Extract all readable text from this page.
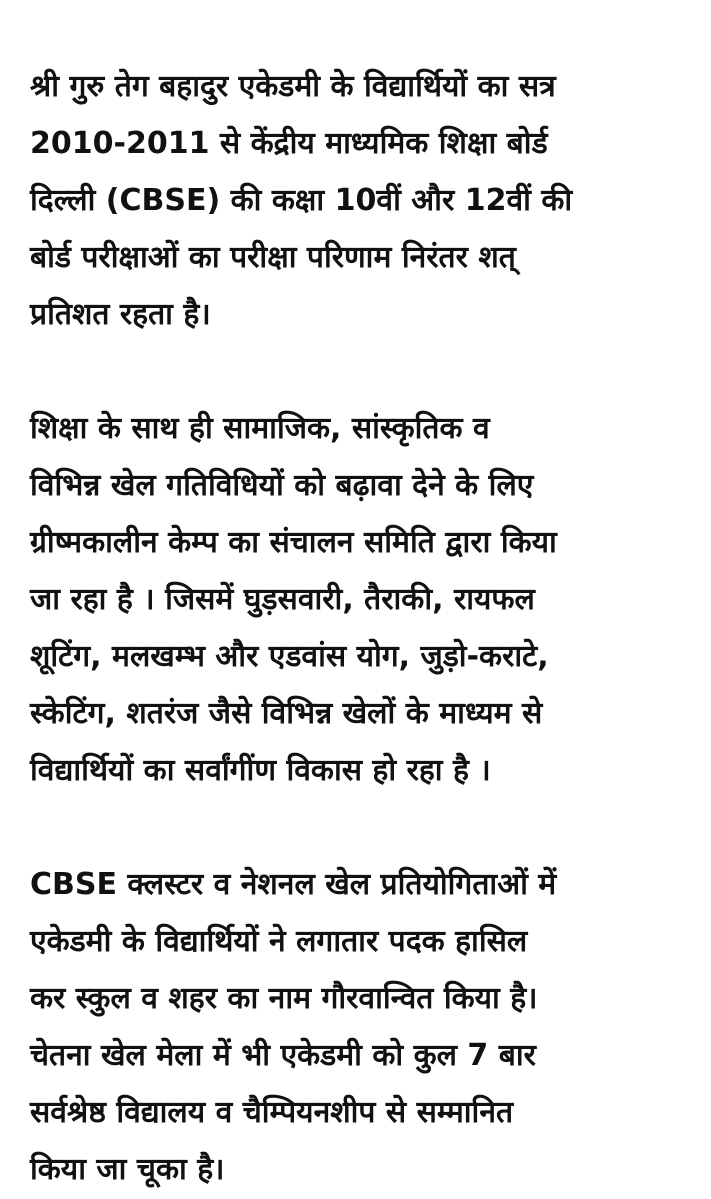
श्री गुरु तेग बहादुर एकेडमी के विद्यार्थियों का सत्र
2010-2011 से केंद्रीय माध्यमिक शिक्षा बोर्ड
दिल्ली (CBSE) की कक्षा 10वीं और 12वीं की
बोर्ड परीक्षाओं का परीक्षा परिणाम निरंतर शत्
प्रतिशत रहता है।

शिक्षा के साथ ही सामाजिक, सांस्कृतिक व
विभिन्न खेल गतिविधियों को बढ़ावा देने के लिए
ग्रीष्मकालीन केम्प का संचालन समिति द्वारा किया
जा रहा है । जिसमें घुड़सवारी, तैराकी, रायफल
शूटिंग, मलखम्भ और एडवांस योग, जुड़ो-कराटे,
स्केटिंग, शतरंज जैसे विभिन्न खेलों के माध्यम से
विद्यार्थियों का सर्वांगींण विकास हो रहा है ।

CBSE क्लस्टर व नेशनल खेल प्रतियोगिताओं में
एकेडमी के विद्यार्थियों ने लगातार पदक हासिल
कर स्कुल व शहर का नाम गौरवान्वित किया है।
चेतना खेल मेला में भी एकेडमी को कुल 7 बार
सर्वश्रेष्ठ विद्यालय व चैम्पियनशीप से सम्मानित
किया जा चूका है।
